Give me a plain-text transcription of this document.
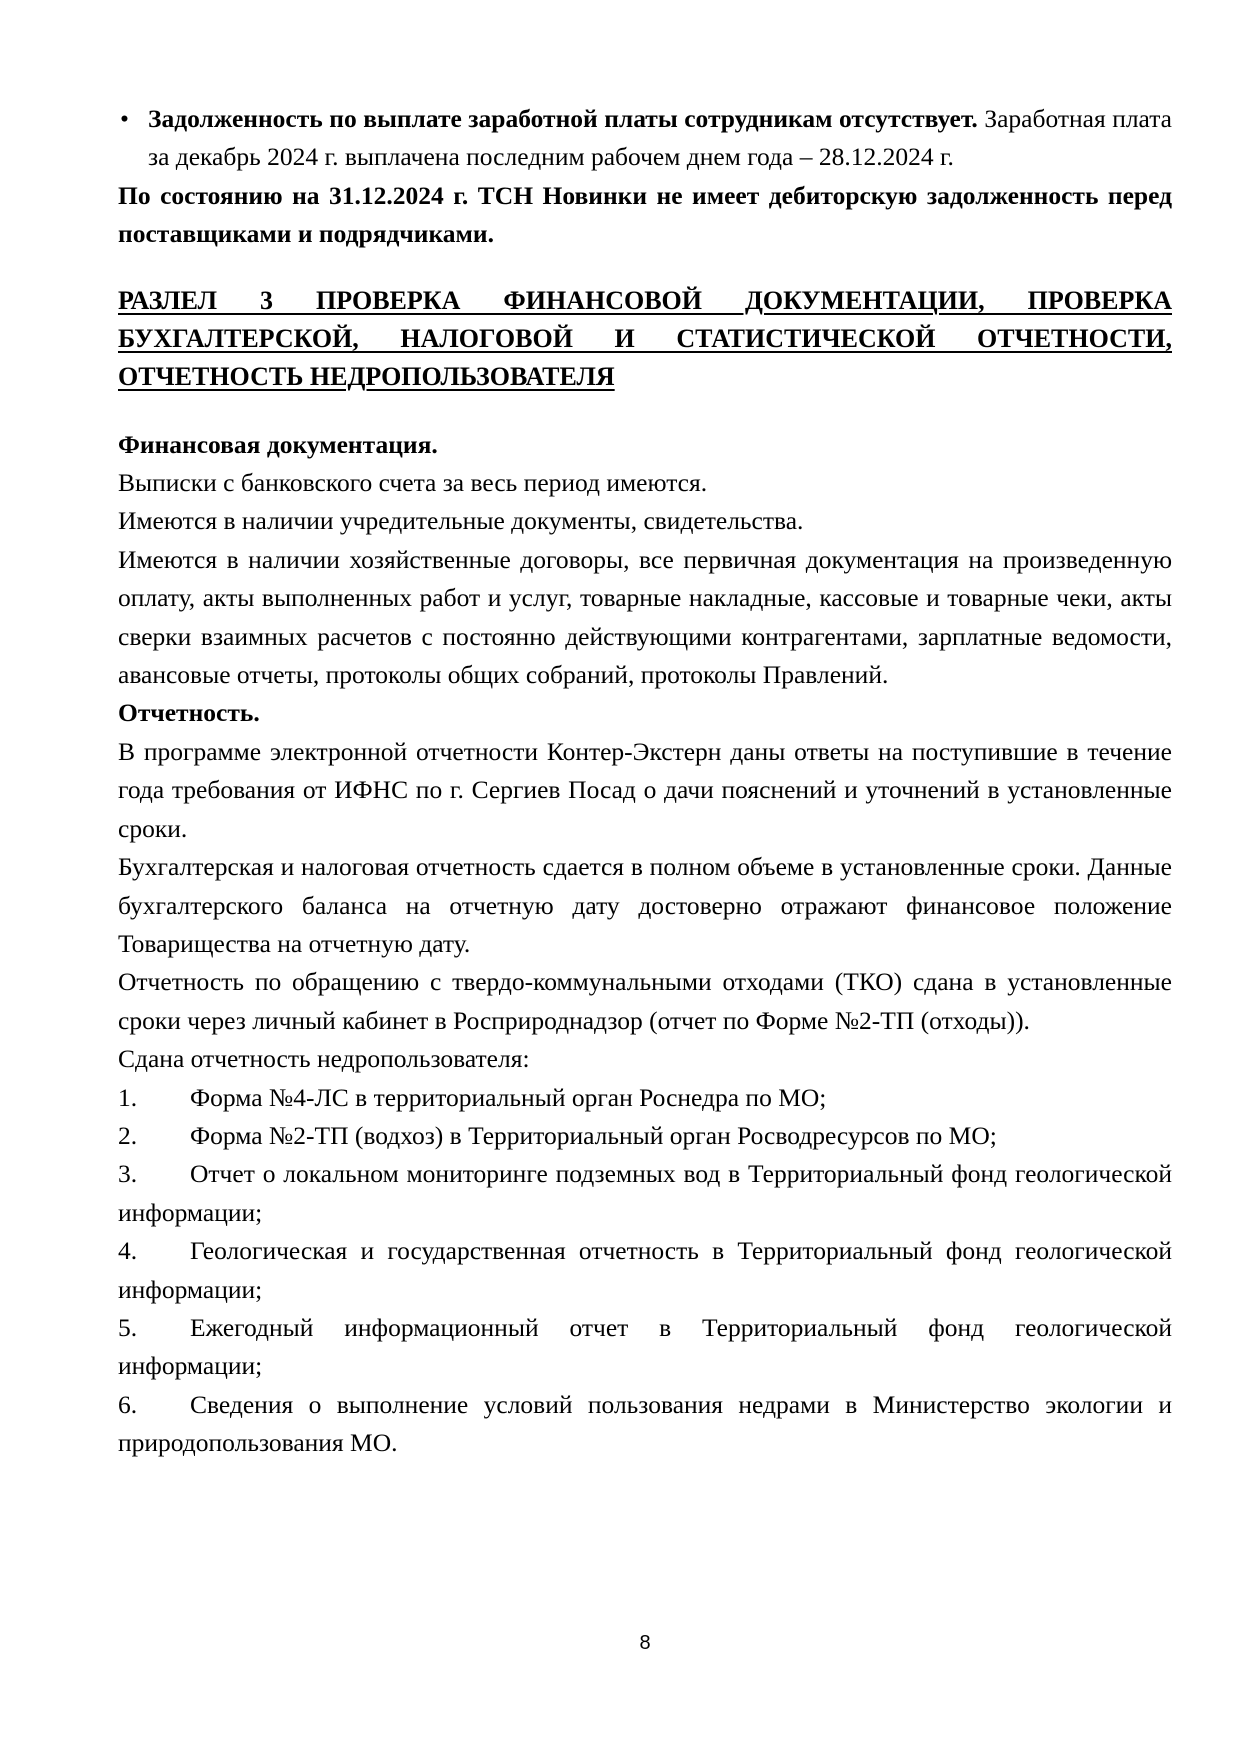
• Задолженность по выплате заработной платы сотрудникам отсутствует. Заработная плата за декабрь 2024 г. выплачена последним рабочем днем года – 28.12.2024 г.

По состоянию на 31.12.2024 г. ТСН Новинки не имеет дебиторскую задолженность перед поставщиками и подрядчиками.

РАЗЛЕЛ 3 ПРОВЕРКА ФИНАНСОВОЙ ДОКУМЕНТАЦИИ, ПРОВЕРКА БУХГАЛТЕРСКОЙ, НАЛОГОВОЙ И СТАТИСТИЧЕСКОЙ ОТЧЕТНОСТИ, ОТЧЕТНОСТЬ НЕДРОПОЛЬЗОВАТЕЛЯ

Финансовая документация.

Выписки с банковского счета за весь период имеются.

Имеются в наличии учредительные документы, свидетельства.

Имеются в наличии хозяйственные договоры, все первичная документация на произведенную оплату, акты выполненных работ и услуг, товарные накладные, кассовые и товарные чеки, акты сверки взаимных расчетов с постоянно действующими контрагентами, зарплатные ведомости, авансовые отчеты, протоколы общих собраний, протоколы Правлений.

Отчетность.

В программе электронной отчетности Контер-Экстерн даны ответы на поступившие в течение года требования от ИФНС по г. Сергиев Посад о дачи пояснений и уточнений в установленные сроки.

Бухгалтерская и налоговая отчетность сдается в полном объеме в установленные сроки. Данные бухгалтерского баланса на отчетную дату достоверно отражают финансовое положение Товарищества на отчетную дату.

Отчетность по обращению с твердо-коммунальными отходами (ТКО) сдана в установленные сроки через личный кабинет в Росприроднадзор (отчет по Форме №2-ТП (отходы)).

Сдана отчетность недропользователя:

1. Форма №4-ЛС в территориальный орган Роснедра по МО;

2. Форма №2-ТП (водхоз) в Территориальный орган Росводресурсов по МО;

3. Отчет о локальном мониторинге подземных вод в Территориальный фонд геологической информации;

4. Геологическая и государственная отчетность в Территориальный фонд геологической информации;

5. Ежегодный информационный отчет в Территориальный фонд геологической информации;

6. Сведения о выполнение условий пользования недрами в Министерство экологии и природопользования МО.

8
